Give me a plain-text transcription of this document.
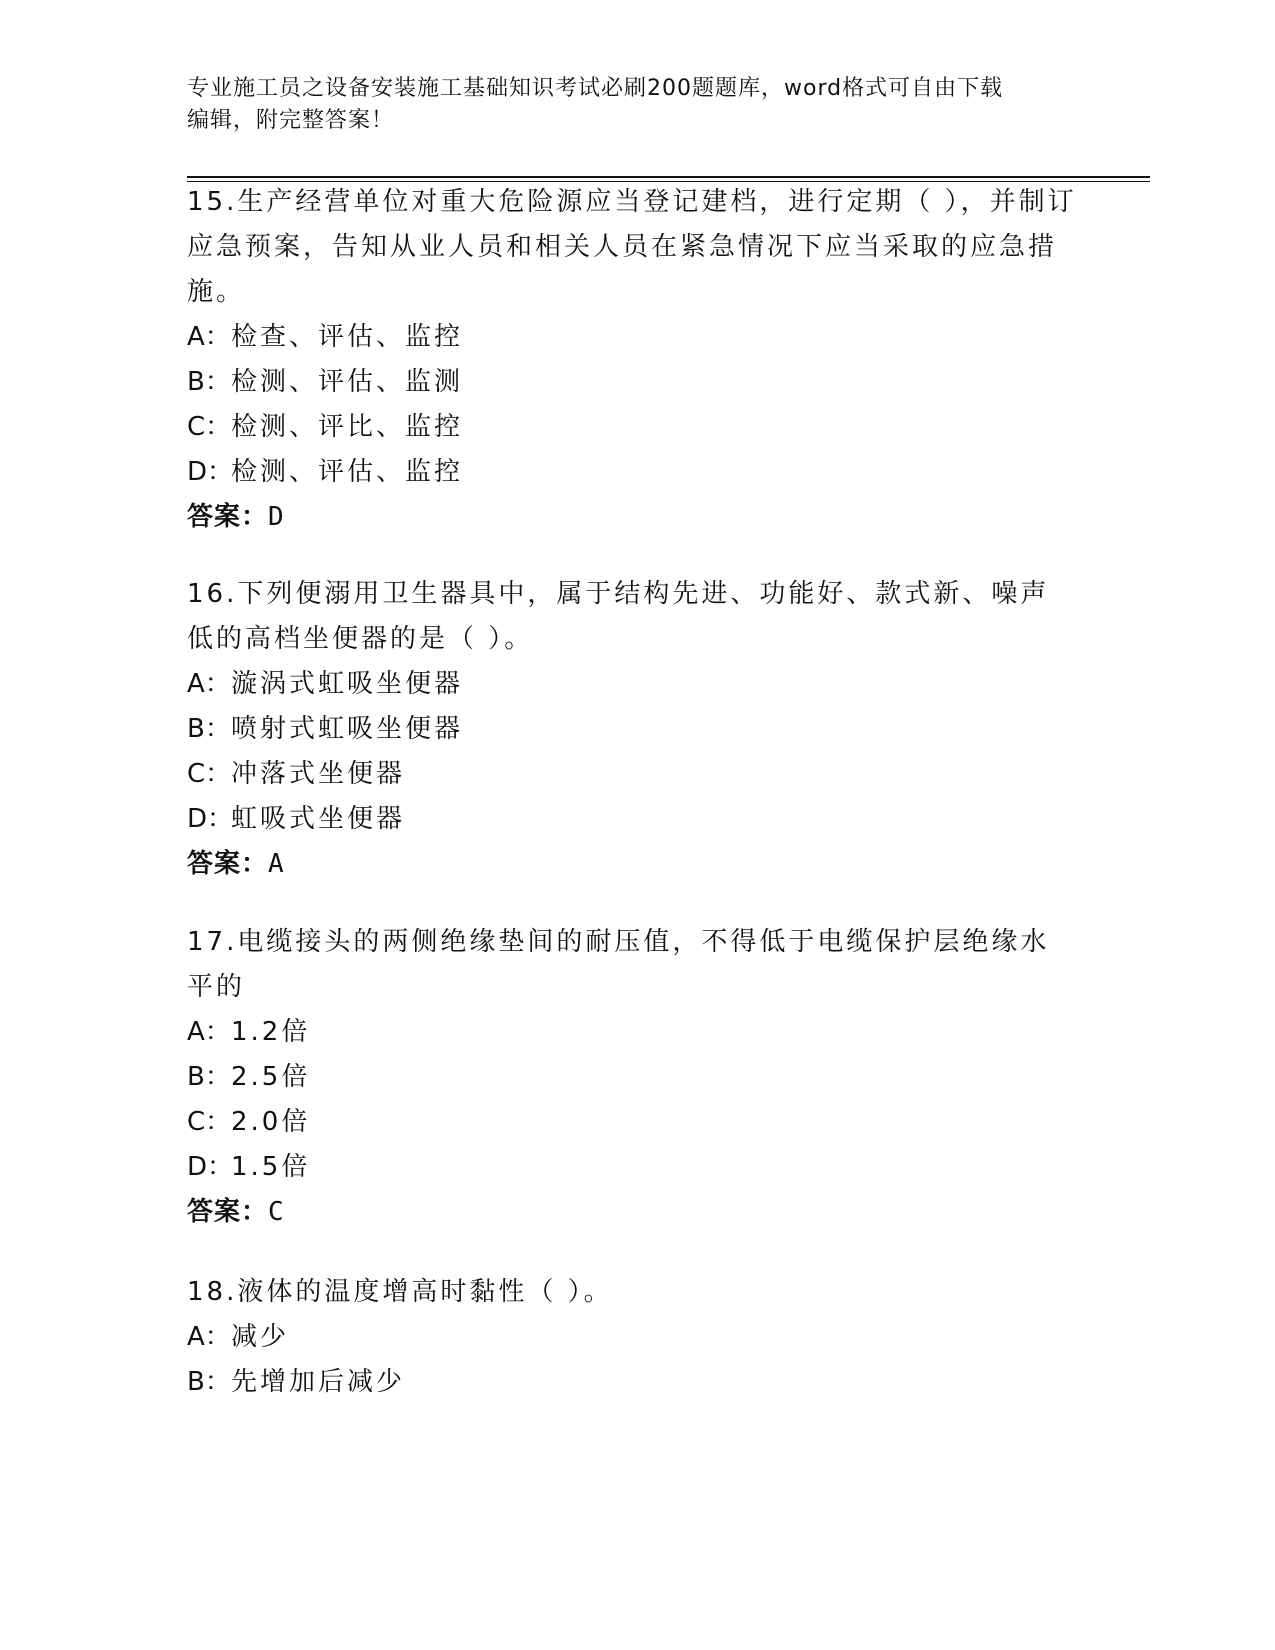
专业施工员之设备安装施工基础知识考试必刷200题题库，word格式可自由下载
编辑，附完整答案！
15.生产经营单位对重大危险源应当登记建档，进行定期（ ），并制订应急预案，告知从业人员和相关人员在紧急情况下应当采取的应急措施。
A：检查、评估、监控
B：检测、评估、监测
C：检测、评比、监控
D：检测、评估、监控
答案：D
16.下列便溺用卫生器具中，属于结构先进、功能好、款式新、噪声低的高档坐便器的是（ ）。
A：漩涡式虹吸坐便器
B：喷射式虹吸坐便器
C：冲落式坐便器
D：虹吸式坐便器
答案：A
17.电缆接头的两侧绝缘垫间的耐压值，不得低于电缆保护层绝缘水平的
A：1.2倍
B：2.5倍
C：2.0倍
D：1.5倍
答案：C
18.液体的温度增高时黏性（ ）。
A：减少
B：先增加后减少
